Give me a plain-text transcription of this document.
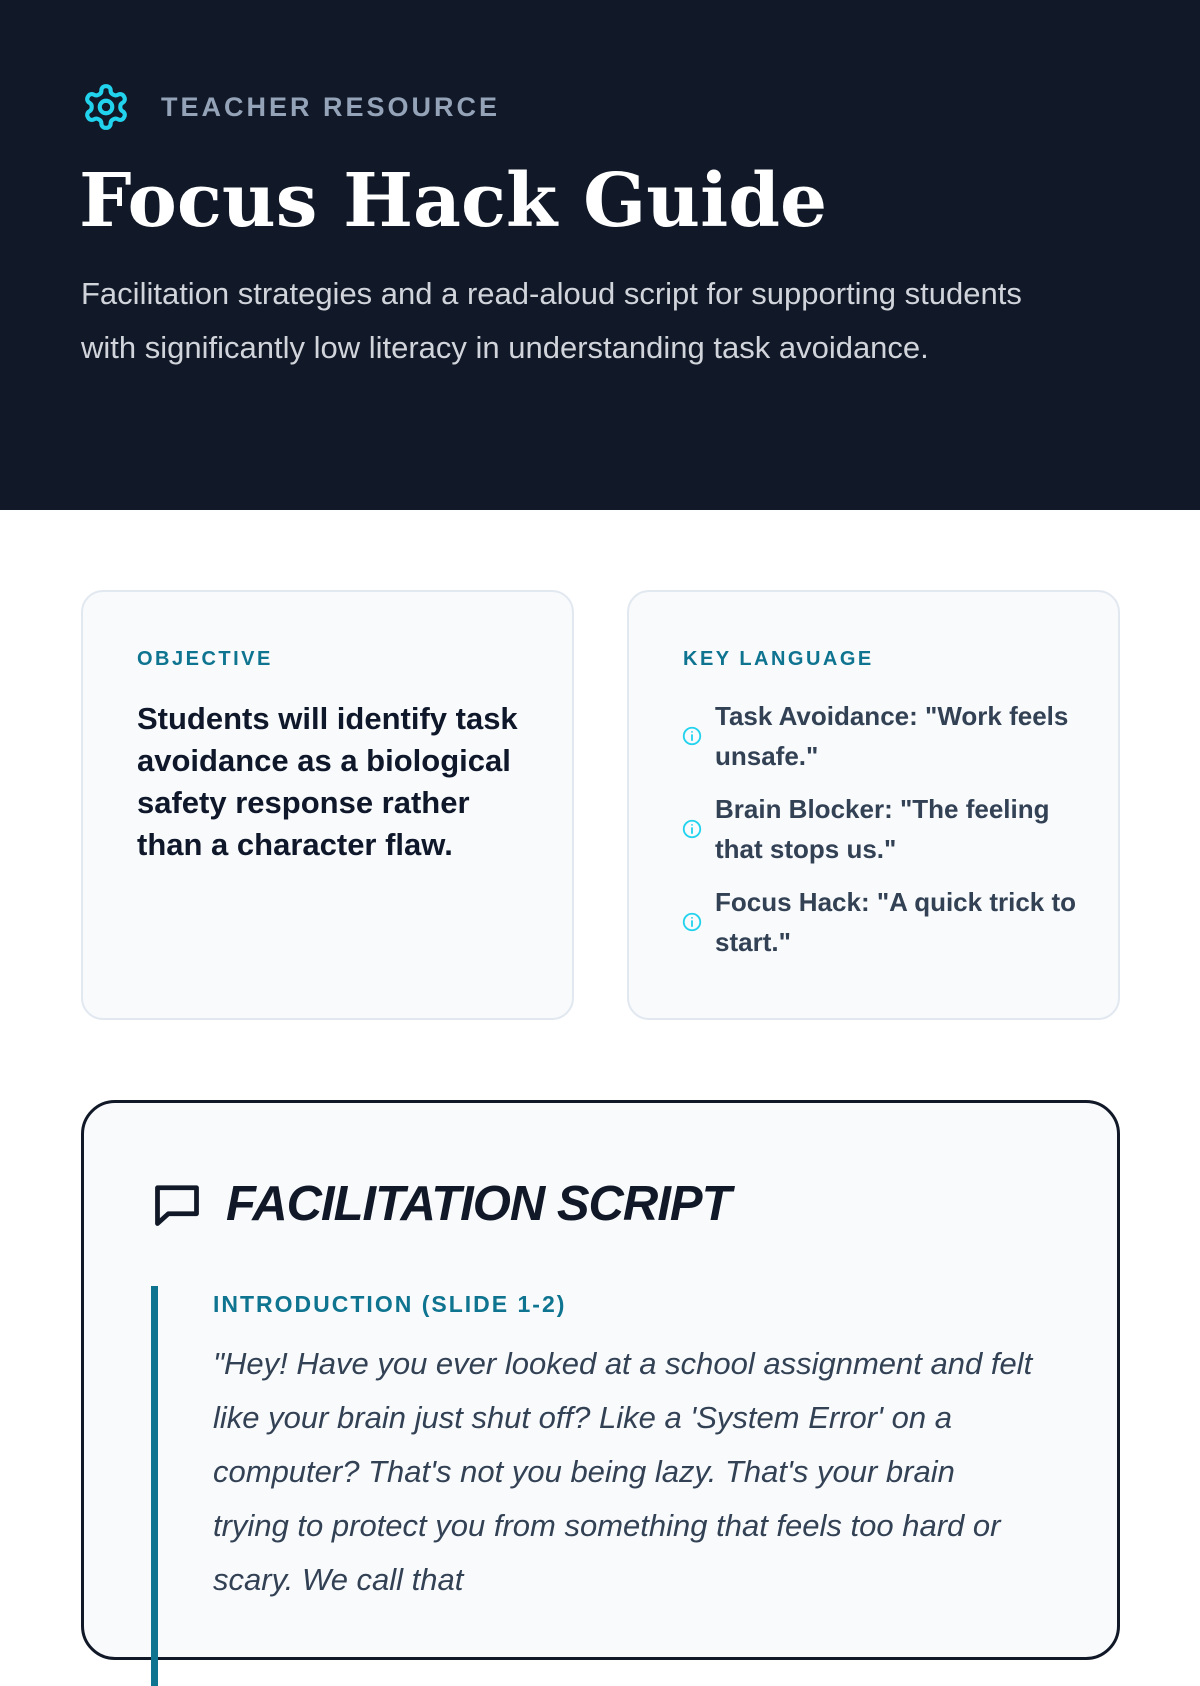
TEACHER RESOURCE
Focus Hack Guide

Facilitation strategies and a read-aloud script for supporting students with significantly low literacy in understanding task avoidance.

OBJECTIVE

Students will identify task avoidance as a biological safety response rather than a character flaw.

KEY LANGUAGE
Task Avoidance: "Work feels unsafe."
Brain Blocker: "The feeling that stops us."
Focus Hack: "A quick trick to start."
FACILITATION SCRIPT
INTRODUCTION (SLIDE 1-2)

"Hey! Have you ever looked at a school assignment and felt like your brain just shut off? Like a 'System Error' on a computer? That's not you being lazy. That's your brain trying to protect you from something that feels too hard or scary. We call that
